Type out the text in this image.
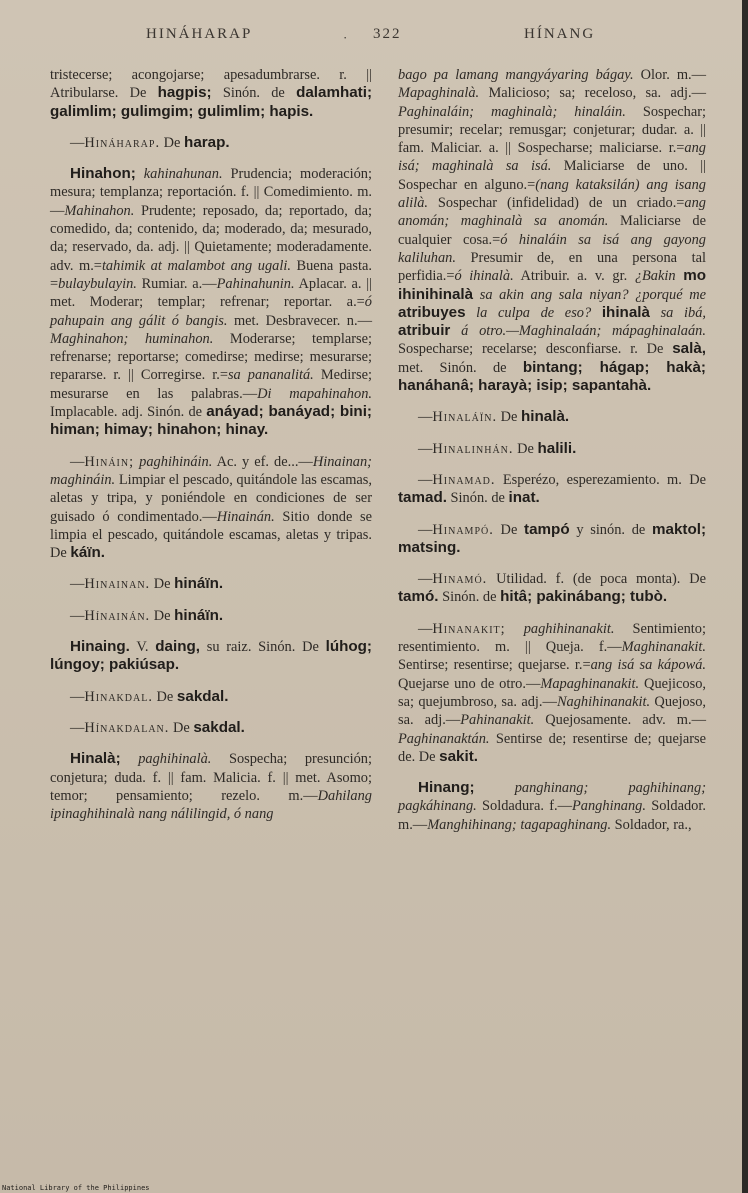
HINÁHARAP	· 322	HÍNANG

tristecerse; acongojarse; apesadumbrarse. r. || Atribularse. De hagpis; Sinón. de dalamhati; galimlim; gulimgim; gulimlim; hapis.

—Hináharap. De harap.

Hinahon; kahinahunan. Prudencia; moderación; mesura; templanza; reportación. f. || Comedimiento. m.—Mahinahon. Prudente; reposado, da; reportado, da; comedido, da; contenido, da; moderado, da; mesurado, da; reservado, da. adj. || Quietamente; moderadamente. adv. m.=tahimik at malambot ang ugali. Buena pasta. =bulaybulayin. Rumiar. a.—Pahinahunin. Aplacar. a. || met. Moderar; templar; refrenar; reportar. a.=ó pahupain ang gálit ó bangis. met. Desbravecer. n.—Maghinahon; huminahon. Moderarse; templarse; refrenarse; reportarse; comedirse; medirse; mesurarse; repararse. r. || Corregirse. r.=sa pananalitá. Medirse; mesurarse en las palabras.—Di mapahinahon. Implacable. adj. Sinón. de anáyad; banáyad; bini; himan; himay; hinahon; hinay.

—Hináin; paghihináin. Ac. y ef. de...—Hinainan; maghináin. Limpiar el pescado, quitándole las escamas, aletas y tripa, y poniéndole en condiciones de ser guisado ó condimentado.—Hinainán. Sitio donde se limpia el pescado, quitándole escamas, aletas y tripas. De káïn.

—Hinainan. De hináïn.

—Hínainán. De hináïn.

Hinaing. V. daing, su raiz. Sinón. De lúhog; lúngoy; pakiúsap.

—Hinakdal. De sakdal.

—Hínakdalan. De sakdal.

Hinalà; paghihinalà. Sospecha; presunción; conjetura; duda. f. || fam. Malicia. f. || met. Asomo; temor; pensamiento; rezelo. m.—Dahilang ipinaghihinalà nang nálilingid, ó nang

bago pa lamang mangyáyaring bágay. Olor. m.—Mapaghinalà. Malicioso; sa; receloso, sa. adj.—Paghinaláin; maghinalà; hinaláin. Sospechar; presumir; recelar; remusgar; conjeturar; dudar. a. || fam. Maliciar. a. || Sospecharse; maliciarse. r.=ang isá; maghinalà sa isá. Maliciarse de uno. || Sospechar en alguno.=(nang kataksilán) ang isang alilà. Sospechar (infidelidad) de un criado.=ang anomán; maghinalà sa anomán. Maliciarse de cualquier cosa.=ó hinaláin sa isá ang gayong kaliluhan. Presumir de, en una persona tal perfidia.=ó ihinalà. Atribuir. a. v. gr. ¿Bakin mo ihinihinalà sa akin ang sala niyan? ¿porqué me atribuyes la culpa de eso? ihinalà sa ibá, atribuir á otro.—Maghinalaán; mápaghinalaán. Sospecharse; recelarse; desconfiarse. r. De salà, met. Sinón. de bintang; hágap; hakà; hanáhanâ; harayà; isip; sapantahà.

—Hinaláïn. De hinalà.

—Hinalinhán. De halili.

—Hinamad. Esperézo, esperezamiento. m. De tamad. Sinón. de inat.

—Hinampó. De tampó y sinón. de maktol; matsing.

—Hinamó. Utilidad. f. (de poca monta). De tamó. Sinón. de hitâ; pakinábang; tubò.

—Hinanakit; paghihinanakit. Sentimiento; resentimiento. m. || Queja. f.—Maghinanakit. Sentirse; resentirse; quejarse. r.=ang isá sa kápowá. Quejarse uno de otro.—Mapaghinanakit. Quejicoso, sa; quejumbroso, sa. adj.—Naghihinanakit. Quejoso, sa. adj.—Pahinanakit. Quejosamente. adv. m.—Paghinanaktán. Sentirse de; resentirse de; quejarse de. De sakit.

Hinang;	panghinang; paghihinang; pagkáhinang. Soldadura. f.—Panghinang. Soldador. m.—Manghihinang; tagapaghinang. Soldador, ra.,

National Library of the Philippines
